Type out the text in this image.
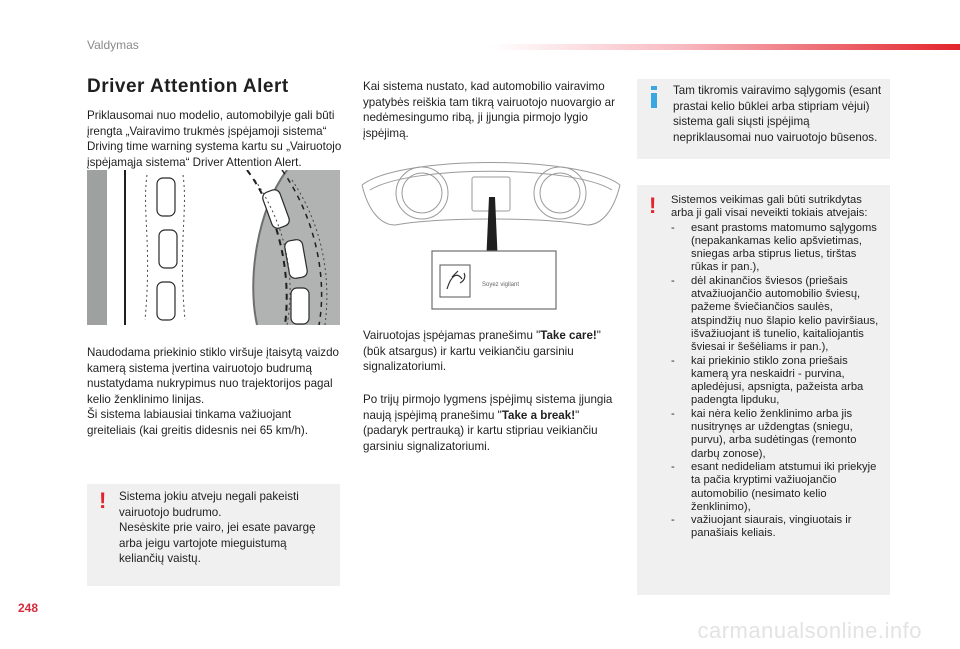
Valdymas
Driver Attention Alert

Priklausomai nuo modelio, automobilyje gali būti įrengta „Vairavimo trukmės įspėjamoji sistema“ Driving time warning systema kartu su „Vairuotojo įspėjamąja sistema“ Driver Attention Alert.

Naudodama priekinio stiklo viršuje įtaisytą vaizdo kamerą sistema įvertina vairuotojo budrumą nustatydama nukrypimus nuo trajektorijos pagal kelio ženklinimo linijas.
Ši sistema labiausiai tinkama važiuojant greiteliais (kai greitis didesnis nei 65 km/h).

! Sistema jokiu atveju negali pakeisti vairuotojo budrumo.
Nesėskite prie vairo, jei esate pavargę arba jeigu vartojote mieguistumą keliančių vaistų.

Kai sistema nustato, kad automobilio vairavimo ypatybės reiškia tam tikrą vairuotojo nuovargio ar nedėmesingumo ribą, ji įjungia pirmojo lygio įspėjimą.

Soyez vigilant

Vairuotojas įspėjamas pranešimu "Take care!" (būk atsargus) ir kartu veikiančiu garsiniu signalizatoriumi.

Po trijų pirmojo lygmens įspėjimų sistema įjungia naują įspėjimą pranešimu "Take a break!" (padaryk pertrauką) ir kartu stipriau veikiančiu garsiniu signalizatoriumi.

Tam tikromis vairavimo sąlygomis (esant prastai kelio būklei arba stipriam vėjui) sistema gali siųsti įspėjimą nepriklausomai nuo vairuotojo būsenos.
! Sistemos veikimas gali būti sutrikdytas arba ji gali visai neveikti tokiais atvejais:

-	esant prastoms matomumo sąlygoms (nepakankamas kelio apšvietimas, sniegas arba stiprus lietus, tirštas rūkas ir pan.),
-	dėl akinančios šviesos (priešais atvažiuojančio automobilio šviesų, pažeme šviečiančios saulės, atspindžių nuo šlapio kelio paviršiaus, išvažiuojant iš tunelio, kaitaliojantis šviesai ir šešėliams ir pan.),
-	kai priekinio stiklo zona priešais kamerą yra neskaidri - purvina, apledėjusi, apsnigta, pažeista arba padengta lipduku,
-	kai nėra kelio ženklinimo arba jis nusitrynęs ar uždengtas (sniegu, purvu), arba sudėtingas (remonto darbų zonose),
-	esant nedideliam atstumui iki priekyje ta pačia kryptimi važiuojančio automobilio (nesimato kelio ženklinimo),
-	važiuojant siaurais, vingiuotais ir panašiais keliais.
248
carmanualsonline.info
